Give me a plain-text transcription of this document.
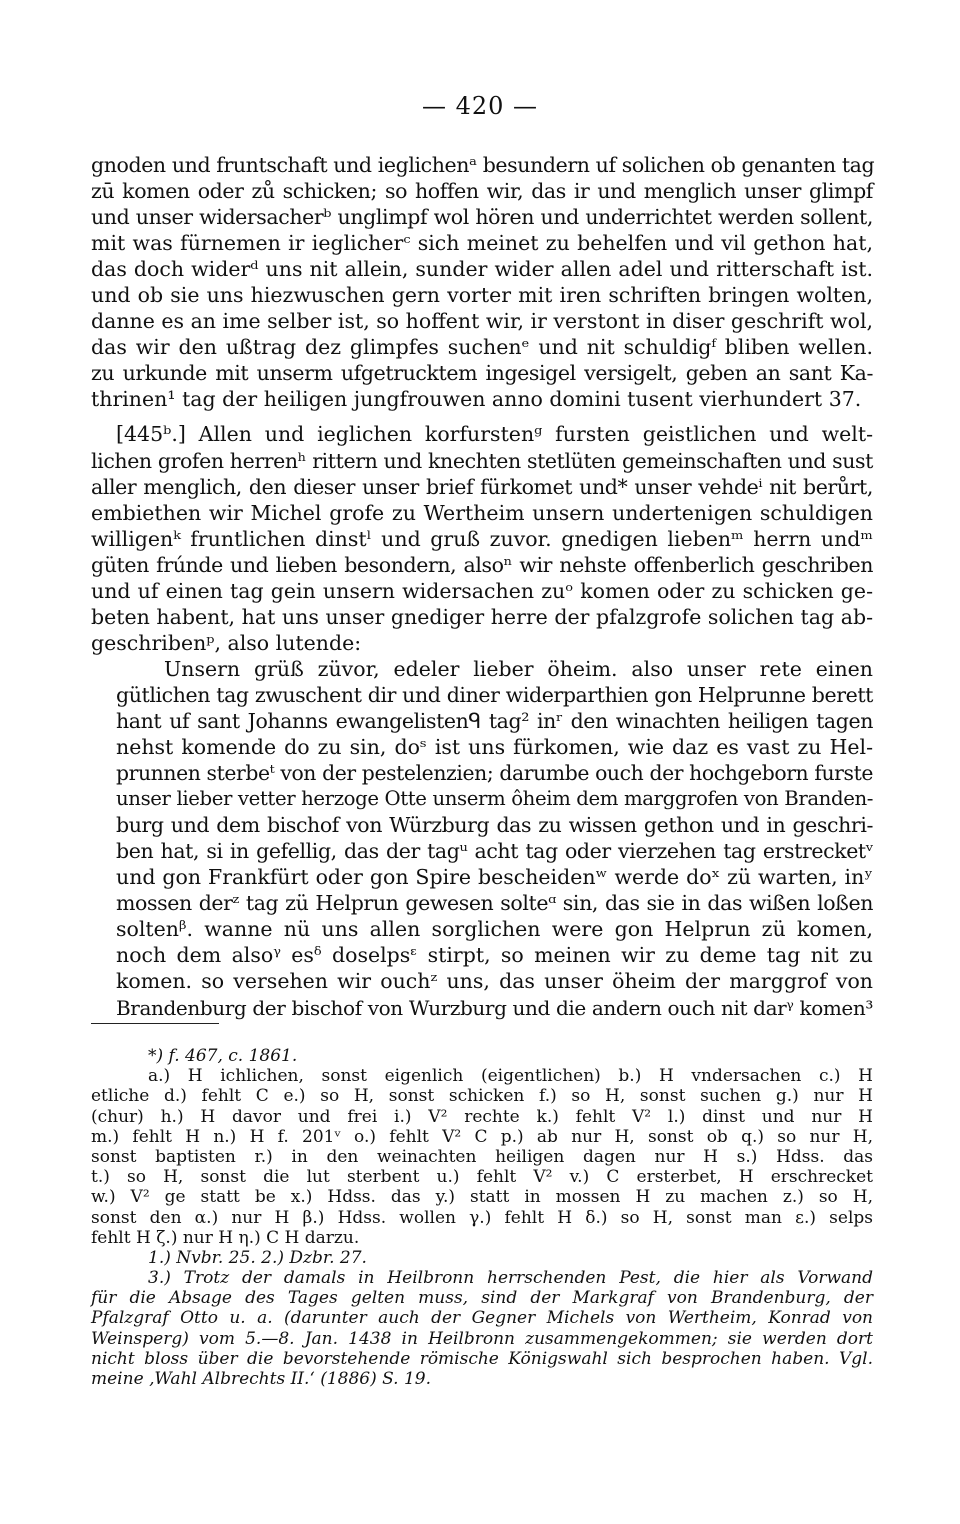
— 420 —
gnoden und fruntschaft und ieglichenᵃ besundern uf solichen ob genanten tag
zū komen oder zů schicken; so hoffen wir, das ir und menglich unser glimpf
und unser widersacherᵇ unglimpf wol hören und underrichtet werden sollent,
mit was fürnemen ir ieglicherᶜ sich meinet zu behelfen und vil gethon hat,
das doch widerᵈ uns nit allein, sunder wider allen adel und ritterschaft ist.
und ob sie uns hiezwuschen gern vorter mit iren schriften bringen wolten,
danne es an ime selber ist, so hoffent wir, ir verstont in diser geschrift wol,
das wir den ußtrag dez glimpfes suchenᵉ und nit schuldigᶠ bliben wellen.
zu urkunde mit unserm ufgetrucktem ingesigel versigelt, geben an sant Ka-
thrinen¹ tag der heiligen jungfrouwen anno domini tusent vierhundert 37.
[445ᵇ.] Allen und ieglichen korfurstenᵍ fursten geistlichen und welt-
lichen grofen herrenʰ rittern und knechten stetlüten gemeinschaften und sust
aller menglich, den dieser unser brief fürkomet und* unser vehdeⁱ nit berůrt,
embiethen wir Michel grofe zu Wertheim unsern undertenigen schuldigen
willigenᵏ fruntlichen dinstˡ und gruß zuvor. gnedigen liebenᵐ herrn undᵐ
güten frúnde und lieben besondern, alsoⁿ wir nehste offenberlich geschriben
und uf einen tag gein unsern widersachen zuᵒ komen oder zu schicken ge-
beten habent, hat uns unser gnediger herre der pfalzgrofe solichen tag ab-
geschribenᵖ, also lutende:
Unsern grüß züvor, edeler lieber öheim. also unser rete einen
gütlichen tag zwuschent dir und diner widerparthien gon Helprunne berett
hant uf sant Johanns ewangelistenᑫ tag² inʳ den winachten heiligen tagen
nehst komende do zu sin, doˢ ist uns fürkomen, wie daz es vast zu Hel-
prunnen sterbeᵗ von der pestelenzien; darumbe ouch der hochgeborn furste
unser lieber vetter herzoge Otte unserm ôheim dem marggrofen von Branden-
burg und dem bischof von Würzburg das zu wissen gethon und in geschri-
ben hat, si in gefellig, das der tagᵘ acht tag oder vierzehen tag erstrecketᵛ
und gon Frankfürt oder gon Spire bescheidenʷ werde doˣ zü warten, inʸ
mossen derᶻ tag zü Helprun gewesen solteᵅ sin, das sie in das wißen loßen
soltenᵝ. wanne nü uns allen sorglichen were gon Helprun zü komen,
noch dem alsoᵞ esᵟ doselpsᵋ stirpt, so meinen wir zu deme tag nit zu
komen. so versehen wir ouchᶻ uns, das unser öheim der marggrof von
Brandenburg der bischof von Wurzburg und die andern ouch nit darᵞ komen³
*) f. 467, c. 1861.
a.) H ichlichen, sonst eigenlich (eigentlichen) b.) H vndersachen c.) H
etliche d.) fehlt C e.) so H, sonst schicken f.) so H, sonst suchen g.) nur H
(chur) h.) H davor und frei i.) V² rechte k.) fehlt V² l.) dinst und nur H
m.) fehlt H n.) H f. 201ᵛ o.) fehlt V² C p.) ab nur H, sonst ob q.) so nur H,
sonst baptisten r.) in den weinachten heiligen dagen nur H s.) Hdss. das
t.) so H, sonst die lut sterbent u.) fehlt V² v.) C ersterbet, H erschrecket
w.) V² ge statt be x.) Hdss. das y.) statt in mossen H zu machen z.) so H,
sonst den α.) nur H β.) Hdss. wollen γ.) fehlt H δ.) so H, sonst man ε.) selps
fehlt H ζ.) nur H η.) C H darzu.
1.) Nvbr. 25. 2.) Dzbr. 27.
3.) Trotz der damals in Heilbronn herrschenden Pest, die hier als Vorwand
für die Absage des Tages gelten muss, sind der Markgraf von Brandenburg, der
Pfalzgraf Otto u. a. (darunter auch der Gegner Michels von Wertheim, Konrad von
Weinsperg) vom 5.—8. Jan. 1438 in Heilbronn zusammengekommen; sie werden dort
nicht bloss über die bevorstehende römische Königswahl sich besprochen haben. Vgl.
meine ‚Wahl Albrechts II.‘ (1886) S. 19.
